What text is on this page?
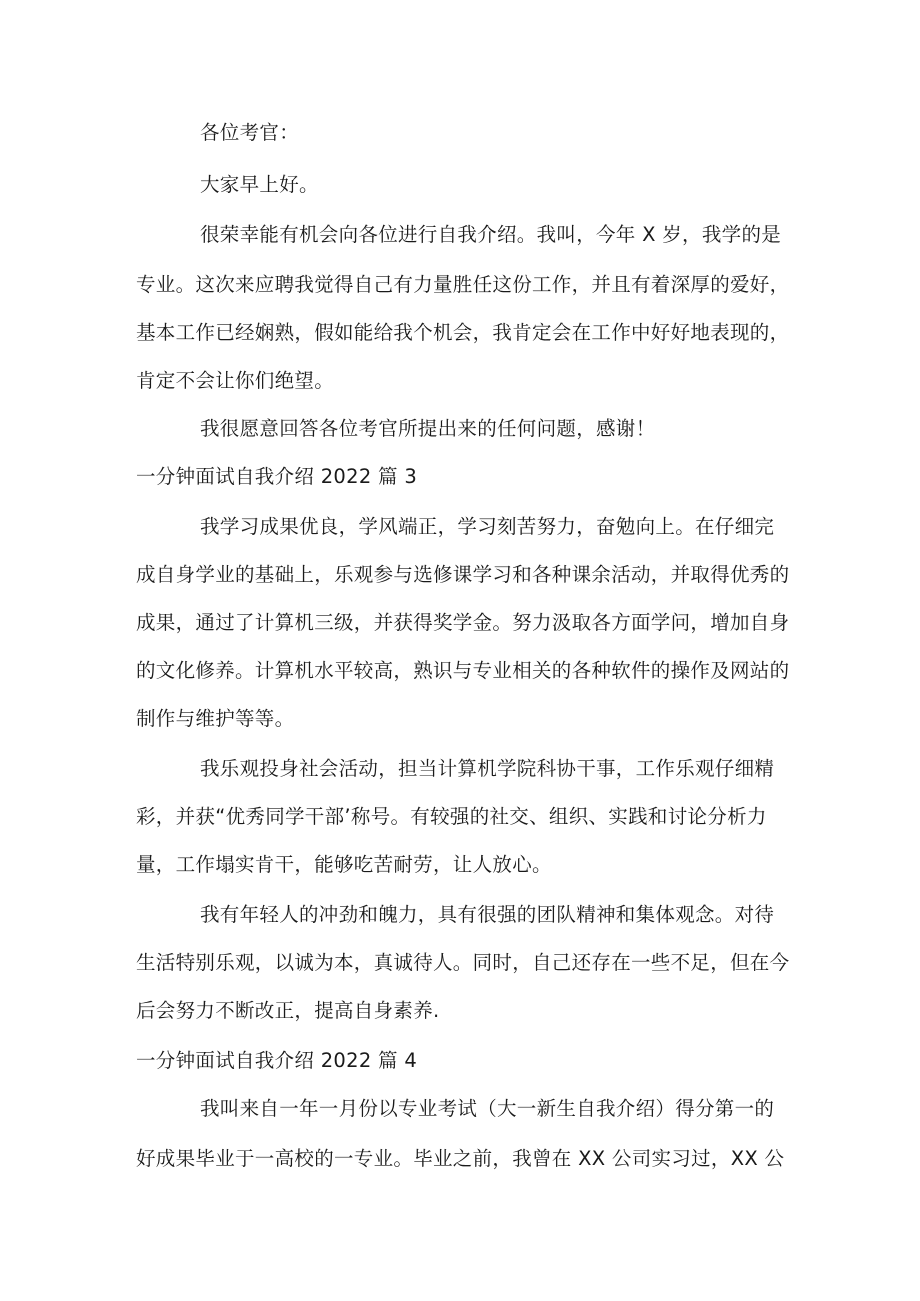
各位考官：
大家早上好。
很荣幸能有机会向各位进行自我介绍。我叫，今年 X 岁，我学的是
专业。这次来应聘我觉得自己有力量胜任这份工作，并且有着深厚的爱好，
基本工作已经娴熟，假如能给我个机会，我肯定会在工作中好好地表现的，
肯定不会让你们绝望。
我很愿意回答各位考官所提出来的任何问题，感谢！
一分钟面试自我介绍 2022 篇 3
我学习成果优良，学风端正，学习刻苦努力，奋勉向上。在仔细完
成自身学业的基础上，乐观参与选修课学习和各种课余活动，并取得优秀的
成果，通过了计算机三级，并获得奖学金。努力汲取各方面学问，增加自身
的文化修养。计算机水平较高，熟识与专业相关的各种软件的操作及网站的
制作与维护等等。
我乐观投身社会活动，担当计算机学院科协干事，工作乐观仔细精
彩，并获“优秀同学干部’称号。有较强的社交、组织、实践和讨论分析力
量，工作塌实肯干，能够吃苦耐劳，让人放心。
我有年轻人的冲劲和魄力，具有很强的团队精神和集体观念。对待
生活特别乐观，以诚为本，真诚待人。同时，自己还存在一些不足，但在今
后会努力不断改正，提高自身素养.
一分钟面试自我介绍 2022 篇 4
我叫来自一年一月份以专业考试（大一新生自我介绍）得分第一的
好成果毕业于一高校的一专业。毕业之前，我曾在 XX 公司实习过，XX 公
